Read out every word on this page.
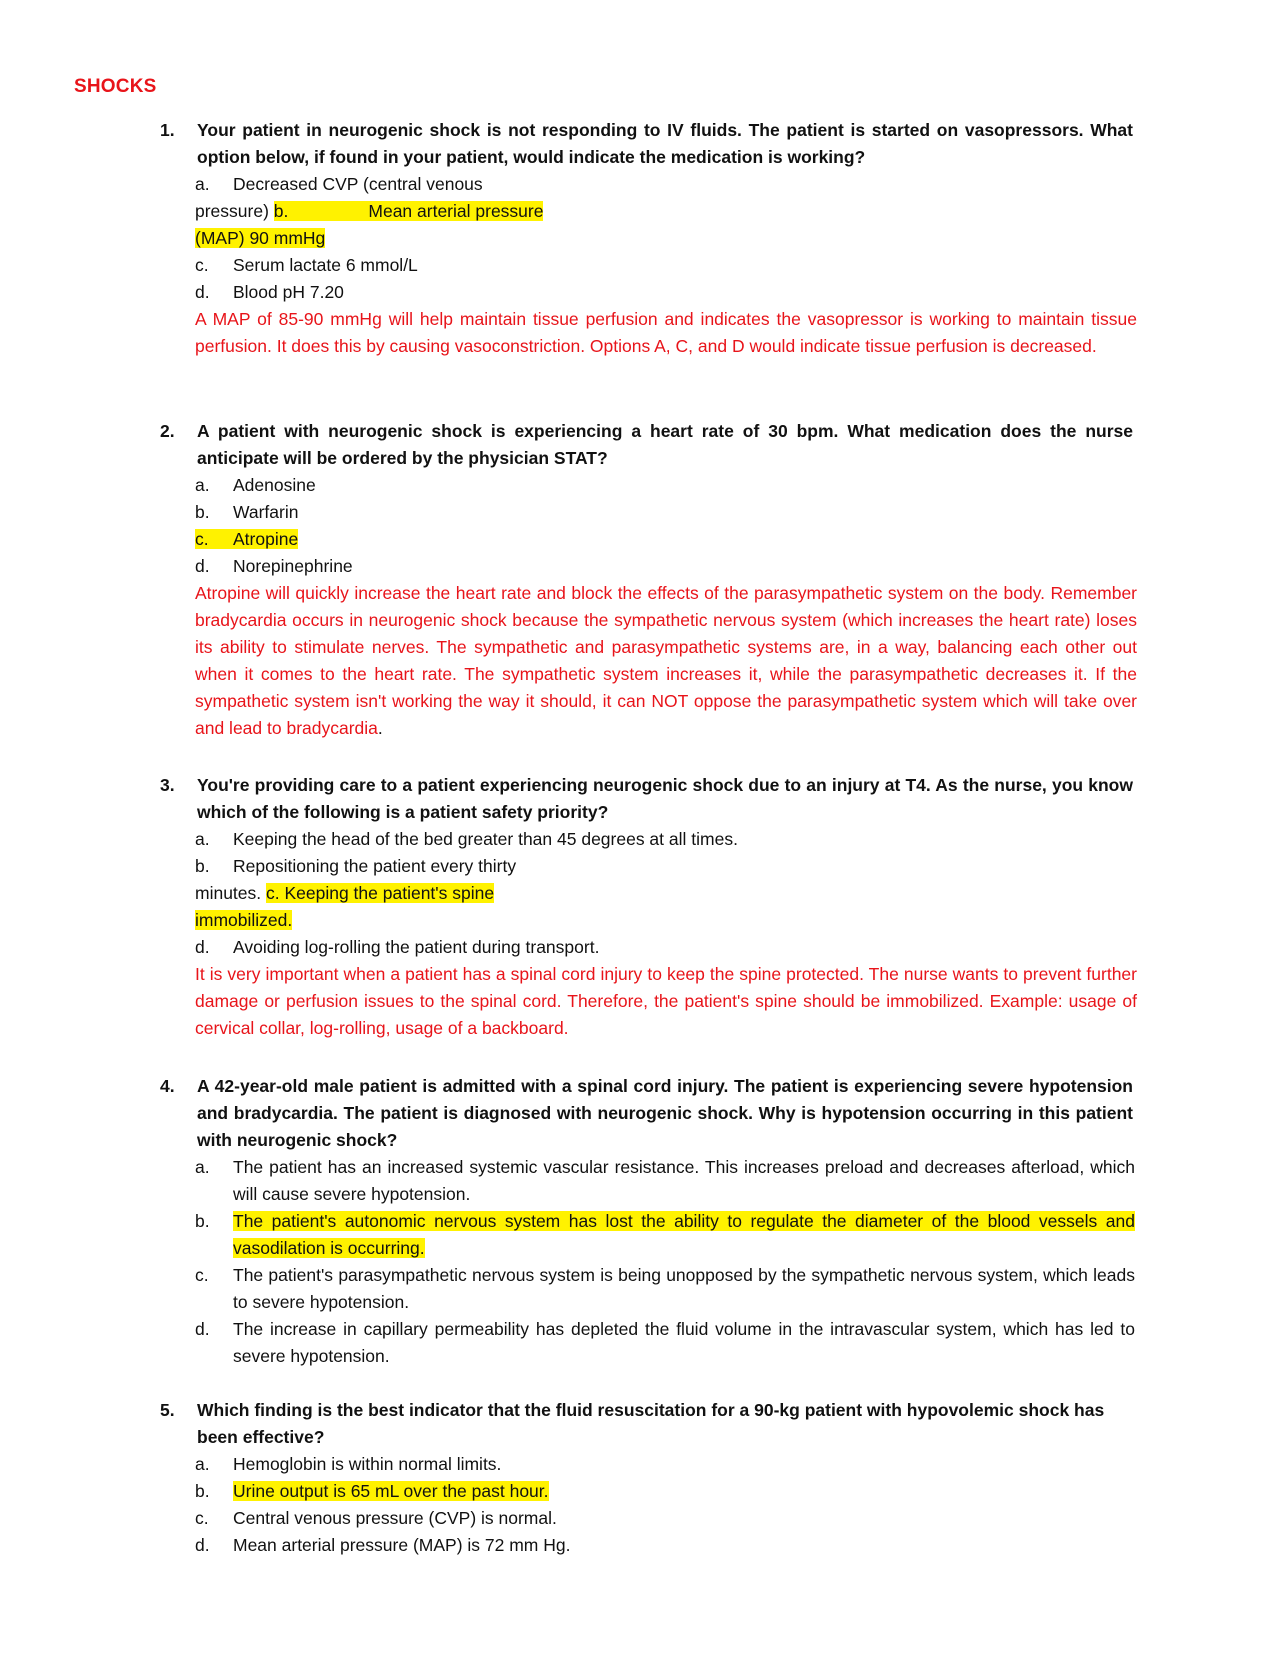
SHOCKS
1. Your patient in neurogenic shock is not responding to IV fluids. The patient is started on vasopressors. What option below, if found in your patient, would indicate the medication is working?
a. Decreased CVP (central venous
pressure) b.	Mean arterial pressure
(MAP) 90 mmHg
c. Serum lactate 6 mmol/L
d. Blood pH 7.20
A MAP of 85-90 mmHg will help maintain tissue perfusion and indicates the vasopressor is working to maintain tissue perfusion. It does this by causing vasoconstriction. Options A, C, and D would indicate tissue perfusion is decreased.
2. A patient with neurogenic shock is experiencing a heart rate of 30 bpm. What medication does the nurse anticipate will be ordered by the physician STAT?
a. Adenosine
b. Warfarin
c. Atropine
d. Norepinephrine
Atropine will quickly increase the heart rate and block the effects of the parasympathetic system on the body. Remember bradycardia occurs in neurogenic shock because the sympathetic nervous system (which increases the heart rate) loses its ability to stimulate nerves. The sympathetic and parasympathetic systems are, in a way, balancing each other out when it comes to the heart rate. The sympathetic system increases it, while the parasympathetic decreases it. If the sympathetic system isn't working the way it should, it can NOT oppose the parasympathetic system which will take over and lead to bradycardia.
3. You're providing care to a patient experiencing neurogenic shock due to an injury at T4. As the nurse, you know which of the following is a patient safety priority?
a. Keeping the head of the bed greater than 45 degrees at all times.
b. Repositioning the patient every thirty
minutes. c. Keeping the patient's spine
immobilized.
d. Avoiding log-rolling the patient during transport.
It is very important when a patient has a spinal cord injury to keep the spine protected. The nurse wants to prevent further damage or perfusion issues to the spinal cord. Therefore, the patient's spine should be immobilized. Example: usage of cervical collar, log-rolling, usage of a backboard.
4. A 42-year-old male patient is admitted with a spinal cord injury. The patient is experiencing severe hypotension and bradycardia. The patient is diagnosed with neurogenic shock. Why is hypotension occurring in this patient with neurogenic shock?
a. The patient has an increased systemic vascular resistance. This increases preload and decreases afterload, which will cause severe hypotension.
b. The patient's autonomic nervous system has lost the ability to regulate the diameter of the blood vessels and vasodilation is occurring.
c. The patient's parasympathetic nervous system is being unopposed by the sympathetic nervous system, which leads to severe hypotension.
d. The increase in capillary permeability has depleted the fluid volume in the intravascular system, which has led to severe hypotension.
5. Which finding is the best indicator that the fluid resuscitation for a 90-kg patient with hypovolemic shock has been effective?
a. Hemoglobin is within normal limits.
b. Urine output is 65 mL over the past hour.
c. Central venous pressure (CVP) is normal.
d. Mean arterial pressure (MAP) is 72 mm Hg.
